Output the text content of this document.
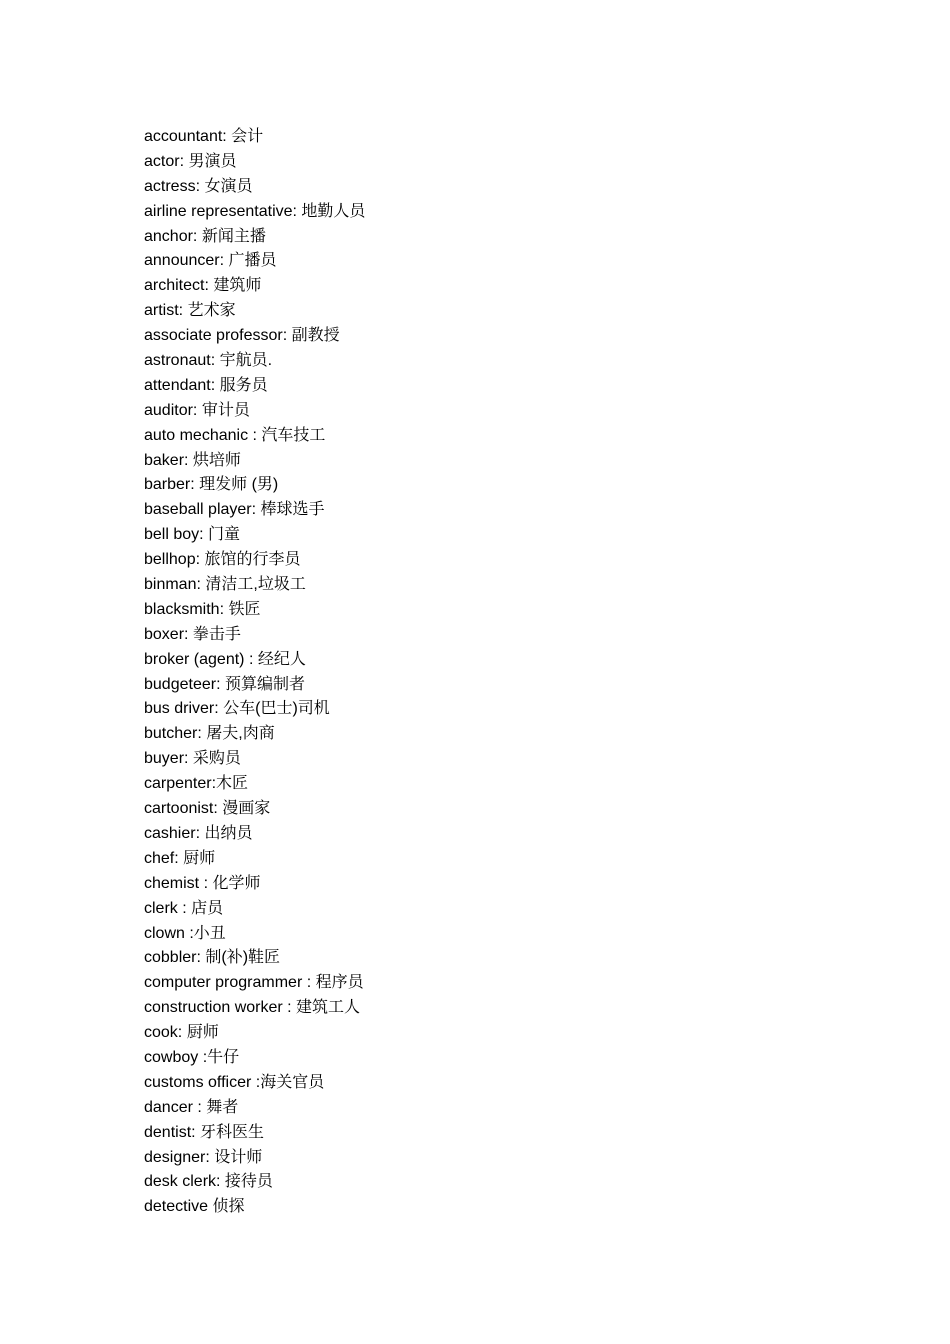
accountant: 会计
actor: 男演员
actress: 女演员
airline representative: 地勤人员
anchor: 新闻主播
announcer: 广播员
architect: 建筑师
artist: 艺术家
associate professor: 副教授
astronaut: 宇航员.
attendant: 服务员
auditor: 审计员
auto mechanic : 汽车技工
baker: 烘培师
barber: 理发师 (男)
baseball player: 棒球选手
bell boy: 门童
bellhop: 旅馆的行李员
binman: 清洁工,垃圾工
blacksmith: 铁匠
boxer: 拳击手
broker (agent) : 经纪人
budgeteer: 预算编制者
bus driver: 公车(巴士)司机
butcher: 屠夫,肉商
buyer: 采购员
carpenter:木匠
cartoonist: 漫画家
cashier: 出纳员
chef: 厨师
chemist : 化学师
clerk : 店员
clown :小丑
cobbler: 制(补)鞋匠
computer programmer : 程序员
construction worker : 建筑工人
cook: 厨师
cowboy :牛仔
customs officer :海关官员
dancer : 舞者
dentist: 牙科医生
designer: 设计师
desk clerk: 接待员
detective 侦探
